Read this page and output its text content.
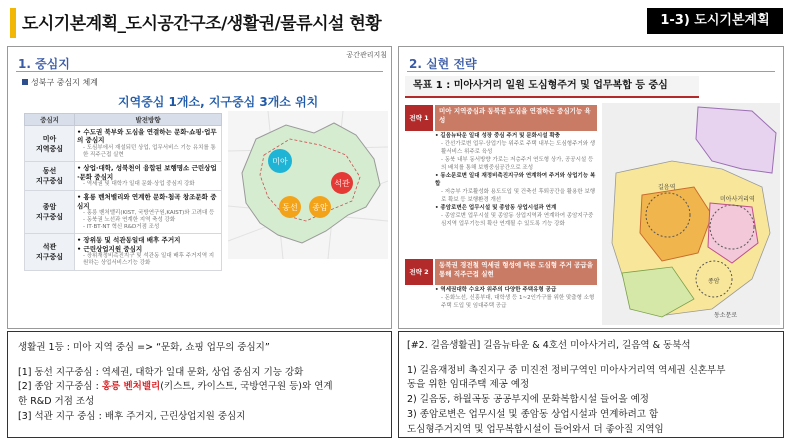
도시기본계획_도시공간구조/생활권/물류시설 현황	1-3) 도시기본계획
공간관리지침
1. 중심지
성북구 중심지 체계
지역중심 1개소, 지구중심 3개소 위치
중심지	발전방향
미아
지역중심	• 수도권 북부와 도심을 연결하는 문화·쇼핑·업무의 중심지
- 도심부에서 재설되던 상업, 업무서비스 기능 유치를 통한 직주근접 실현

동선
지구중심	• 상업·대학, 성북천이 융합된 보행명소 근린상업·문화 중심지
- 역세권 및 대학가 일대 문화·상업 중심지 강화

종암
지구중심	• 홍릉 벤처밸리와 연계한 문화·첨곡 창조문화 중심지
- 홍릉 벤처밸리(KIST, 국방연구원,KAIST)와 고려대 등
- 동북권 노선과 연계한 지역 축성 강화
- IT·BT·NT 혁신 R&D거점 조성

석관
지구중심	• 장위동 및 석관동일대 배후 주거지
• 근린상업지원 중심지
- 장위재정비촉진지구 및 석관동 일대 배후 주거지역 지원하는 상업서비스기능 강화
미아
석관
동선 종암
2. 실현 전략
목표 1 : 미아사거리 일원 도심형주거 및 업무복합 등 중심
전략 1
미아 지역중심과 동북권 도심을 연결하는 중심기능 육성
• 길음뉴타운 일대 성장 중심 주거 및 문화시설 확충
- 간선가로변 업무·상업기능 위주로 주택 내부는 도심형주거와 생활서비스 위주로 육성
- 동북 내부 동서방향 가로는 저층주거 연도형 상가, 공공시설 등의 배치를 통해 보행중심공간으로 조성
• 동소문로변 일대 재정비촉진지구와 연계하여 주거와 상업기능 복합
- 저층부 가로활성화 용도도입 및 건축선 후퇴공간을 활용한 보행로 확보 등 보행환경 개선
• 종암로변은 업무시설 및 종암동 상업시설과 연계
- 종암로변 업무시설 및 종암동 상업지역과 연계하여 종암지구중심지역 업무기능의 확산 연계될 수 있도록 기능 강화
전략 2
동북권 경전철 역세권 형성에 따른 도심형 주거 공급을 통해 직주근접 실현
• 역세권대학 수요자 위주의 다양한 주택유형 공급
- 돈화노선, 신흥부대, 대학생 등 1~2인가구를 위한 맞춤형 소형주택 도입 및 임대주택 공급
길음역
미아사거리역
종암
동소문로
생활권 1등 : 미아 지역 중심 => “문화, 쇼핑 업무의 중심지”
[1] 동선 지구중심 : 역세권, 대학가 일대 문화, 상업 중심지 기능 강화
[2] 종암 지구중심 : 홍릉 벤처밸리(키스트, 카이스트, 국방연구원 등)와 연계
한 R&D 거점 조성
[3] 석관 지구 중심 : 배후 주거지, 근린상업지원 중심지
[#2. 길음생활권] 길음뉴타운 & 4호선 미아사거리, 길음역 & 동북석
1) 길음재정비 촉진지구 중 미진전 정비구역인 미아사거리역 역세권 신혼부부
동을 위한 임대주택 제공 예정
2) 길음동, 하월곡동 공공부지에 문화복합시설 들어올 예정
3) 종암로변은 업무시설 및 종암동 상업시설과 연계하려고 함
도심형주거지역 및 업무복합시설이 들어와서 더 좋아질 지역임
